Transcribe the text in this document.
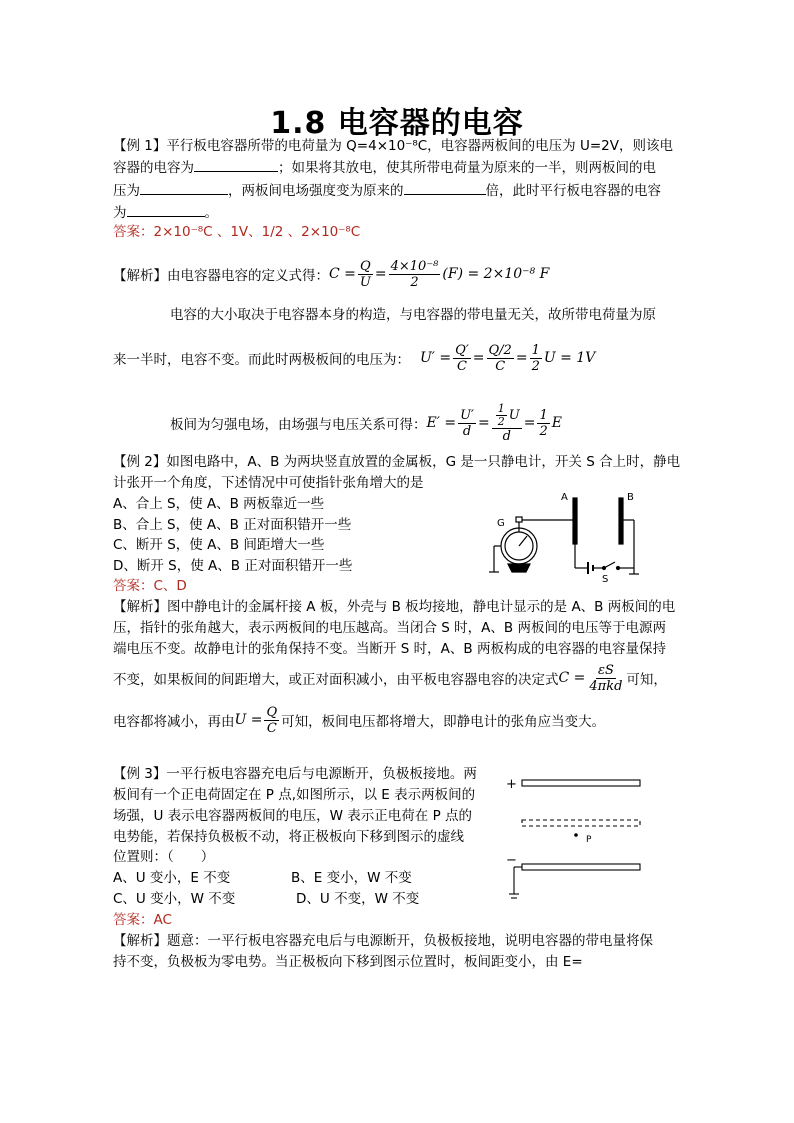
1.8 电容器的电容
【例 1】平行板电容器所带的电荷量为 Q=4×10⁻⁸C，电容器两板间的电压为 U=2V，则该电
容器的电容为	；如果将其放电，使其所带电荷量为原来的一半，则两板间的电
压为	，两板间电场强度变为原来的	倍，此时平行板电容器的电容
为	。
答案：2×10⁻⁸C 、1V、1/2 、2×10⁻⁸C
【解析】由电容器电容的定义式得： $C = \frac{Q}{U} = \frac{\text{4×10⁻⁸}}{2} (F) = 2\times 10^{-8}$ F
电容的大小取决于电容器本身的构造，与电容器的带电量无关，故所带电荷量为原
来一半时，电容不变。而此时两极板间的电压为： $U' = \frac{Q'}{C} = \frac{Q/2}{C} = \frac{1}{2}$ U = 1V
板间为匀强电场，由场强与电压关系可得： $E' = \frac{U'}{d} = \frac{\frac{1}{2} U}{d} = \frac{1}{2}$ E
【例 2】如图电路中，A、B 为两块竖直放置的金属板，G 是一只静电计，开关 S 合上时，静电
计张开一个角度，下述情况中可使指针张角增大的是
A、合上 S，使 A、B 两板靠近一些
B、合上 S，使 A、B 正对面积错开一些
C、断开 S，使 A、B 间距增大一些
D、断开 S，使 A、B 正对面积错开一些
答案：C、D
A	B
G
S
【解析】图中静电计的金属杆接 A 板，外壳与 B 板均接地，静电计显示的是 A、B 两板间的电
压，指针的张角越大，表示两板间的电压越高。当闭合 S 时，A、B 两板间的电压等于电源两
端电压不变。故静电计的张角保持不变。当断开 S 时，A、B 两板构成的电容器的电容量保持
不变，如果板间的间距增大，或正对面积减小，由平板电容器电容的决定式 $C = \frac{\varepsilon S}{\text{4πkd}}$ 可知，
电容都将减小，再由 $U = \frac{Q}{C}$ 可知，板间电压都将增大，即静电计的张角应当变大。
【例 3】一平行板电容器充电后与电源断开，负极板接地。两
板间有一个正电荷固定在 P 点,如图所示，以 E 表示两板间的
场强，U 表示电容器两板间的电压，W 表示正电荷在 P 点的
电势能，若保持负极板不动，将正极板向下移到图示的虚线
位置则：（　　）
A、U 变小，E 不变	B、E 变小，W 不变
C、U 变小，W 不变	D、U 不变，W 不变
答案：AC
【解析】题意：一平行板电容器充电后与电源断开，负极板接地，说明电容器的带电量将保
持不变，负极板为零电势。当正极板向下移到图示位置时，板间距变小，由 E=
+
−
P
